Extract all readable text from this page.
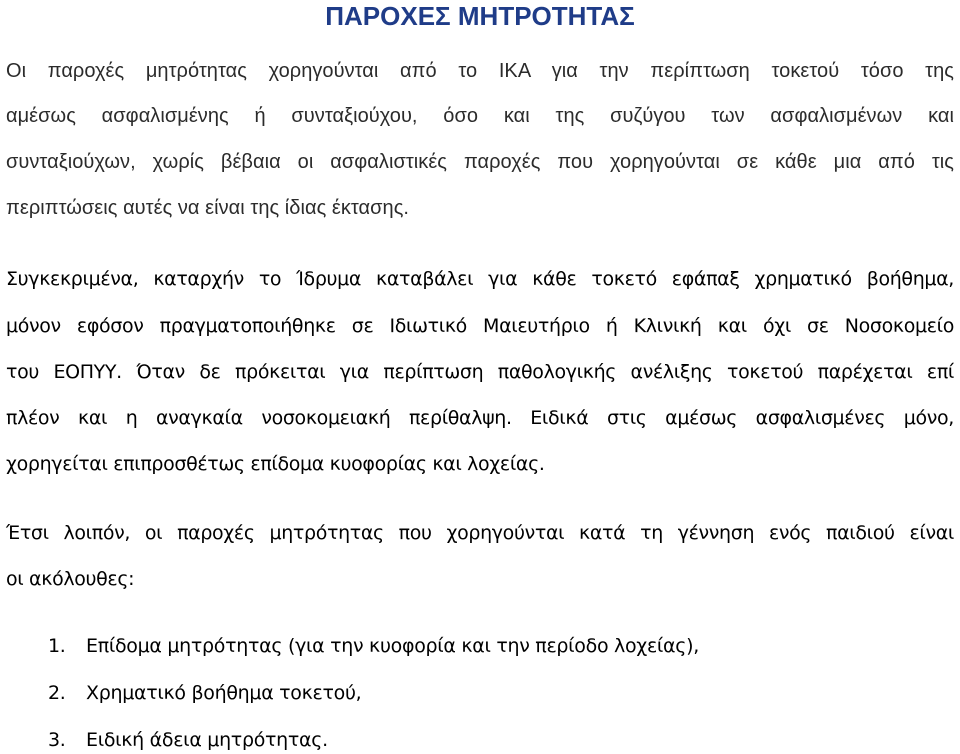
ΠΑΡΟΧΕΣ ΜΗΤΡΟΤΗΤΑΣ

Οι παροχές μητρότητας χορηγούνται από το ΙΚΑ για την περίπτωση τοκετού τόσο της

αμέσως ασφαλισμένης ή συνταξιούχου, όσο και της συζύγου των ασφαλισμένων και

συνταξιούχων, χωρίς βέβαια οι ασφαλιστικές παροχές που χορηγούνται σε κάθε μια από τις

περιπτώσεις αυτές να είναι της ίδιας έκτασης.

Συγκεκριμένα, καταρχήν το Ίδρυμα καταβάλει για κάθε τοκετό εφάπαξ χρηματικό βοήθημα,

μόνον εφόσον πραγματοποιήθηκε σε Ιδιωτικό Μαιευτήριο ή Κλινική και όχι σε Νοσοκομείο

του ΕΟΠΥΥ. Όταν δε πρόκειται για περίπτωση παθολογικής ανέλιξης τοκετού παρέχεται επί

πλέον και η αναγκαία νοσοκομειακή περίθαλψη. Ειδικά στις αμέσως ασφαλισμένες μόνο,

χορηγείται επιπροσθέτως επίδομα κυοφορίας και λοχείας.

Έτσι λοιπόν, οι παροχές μητρότητας που χορηγούνται κατά τη γέννηση ενός παιδιού είναι

οι ακόλουθες:

1. Επίδομα μητρότητας (για την κυοφορία και την περίοδο λοχείας),
2. Χρηματικό βοήθημα τοκετού,
3. Ειδική άδεια μητρότητας.
